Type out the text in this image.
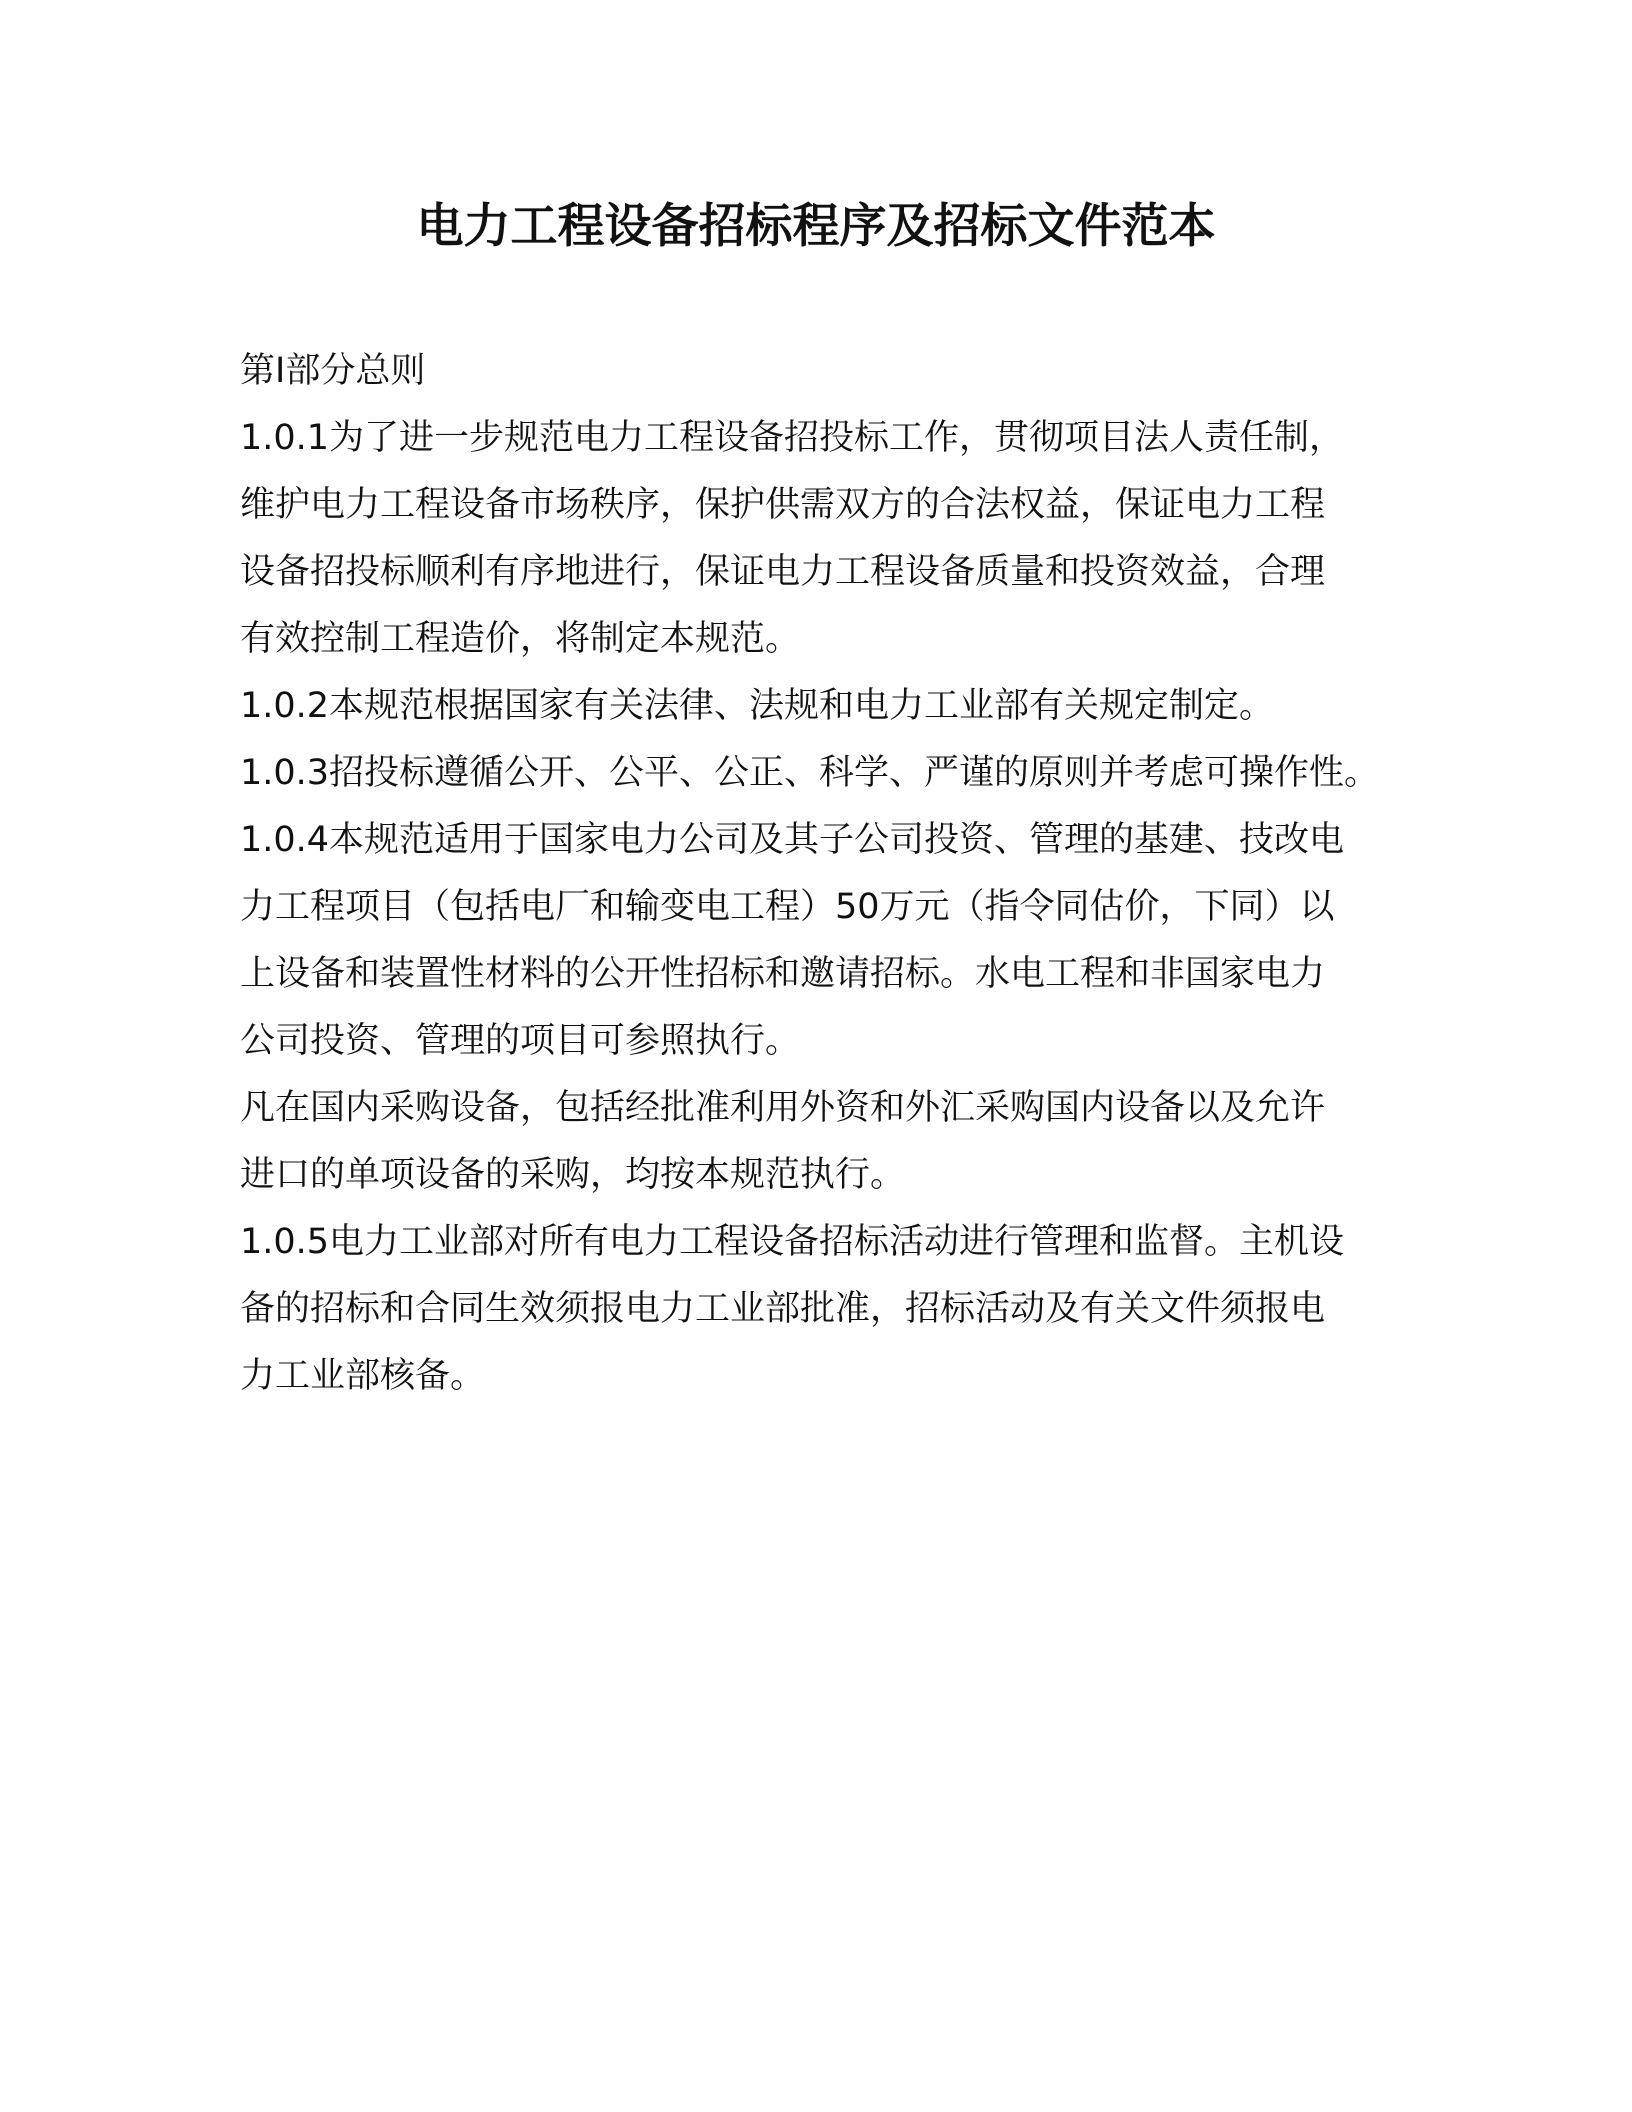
电力工程设备招标程序及招标文件范本
第Ⅰ部分总则
1.0.1为了进一步规范电力工程设备招投标工作，贯彻项目法人责任制，
维护电力工程设备市场秩序，保护供需双方的合法权益，保证电力工程
设备招投标顺利有序地进行，保证电力工程设备质量和投资效益，合理
有效控制工程造价，将制定本规范。
1.0.2本规范根据国家有关法律、法规和电力工业部有关规定制定。
1.0.3招投标遵循公开、公平、公正、科学、严谨的原则并考虑可操作性。
1.0.4本规范适用于国家电力公司及其子公司投资、管理的基建、技改电
力工程项目（包括电厂和输变电工程）50万元（指令同估价，下同）以
上设备和装置性材料的公开性招标和邀请招标。水电工程和非国家电力
公司投资、管理的项目可参照执行。
凡在国内采购设备，包括经批准利用外资和外汇采购国内设备以及允许
进口的单项设备的采购，均按本规范执行。
1.0.5电力工业部对所有电力工程设备招标活动进行管理和监督。主机设
备的招标和合同生效须报电力工业部批准，招标活动及有关文件须报电
力工业部核备。
